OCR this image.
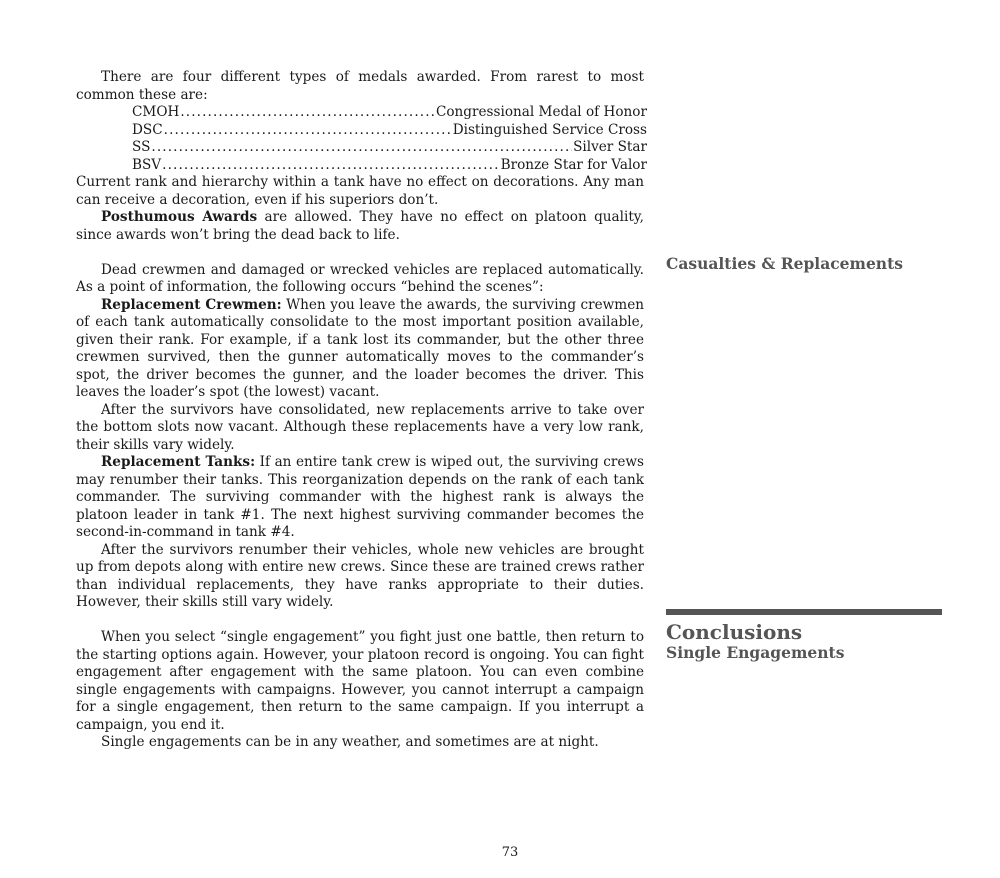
There are four different types of medals awarded. From rarest to most common these are:

CMOH . . .	Congressional Medal of Honor
DSC . . .	Distinguished Service Cross
SS . . .	Silver Star
BSV . . .	Bronze Star for Valor

Current rank and hierarchy within a tank have no effect on decorations. Any man can receive a decoration, even if his superiors don’t.

Posthumous Awards are allowed. They have no effect on platoon quality, since awards won’t bring the dead back to life.

Dead crewmen and damaged or wrecked vehicles are replaced automatically. As a point of information, the following occurs “behind the scenes”:

Replacement Crewmen: When you leave the awards, the surviving crewmen of each tank automatically consolidate to the most important position available, given their rank. For example, if a tank lost its commander, but the other three crewmen survived, then the gunner automatically moves to the commander’s spot, the driver becomes the gunner, and the loader becomes the driver. This leaves the loader’s spot (the lowest) vacant.

After the survivors have consolidated, new replacements arrive to take over the bottom slots now vacant. Although these replacements have a very low rank, their skills vary widely.

Replacement Tanks: If an entire tank crew is wiped out, the surviving crews may renumber their tanks. This reorganization depends on the rank of each tank commander. The surviving commander with the highest rank is always the platoon leader in tank #1. The next highest surviving commander becomes the second-in-command in tank #4.

After the survivors renumber their vehicles, whole new vehicles are brought up from depots along with entire new crews. Since these are trained crews rather than individual replacements, they have ranks appropriate to their duties. However, their skills still vary widely.

When you select “single engagement” you fight just one battle, then return to the starting options again. However, your platoon record is ongoing. You can fight engagement after engagement with the same platoon. You can even combine single engagements with campaigns. However, you cannot interrupt a campaign for a single engagement, then return to the same campaign. If you interrupt a campaign, you end it.

Single engagements can be in any weather, and sometimes are at night.

Casualties & Replacements
Conclusions
Single Engagements
73
